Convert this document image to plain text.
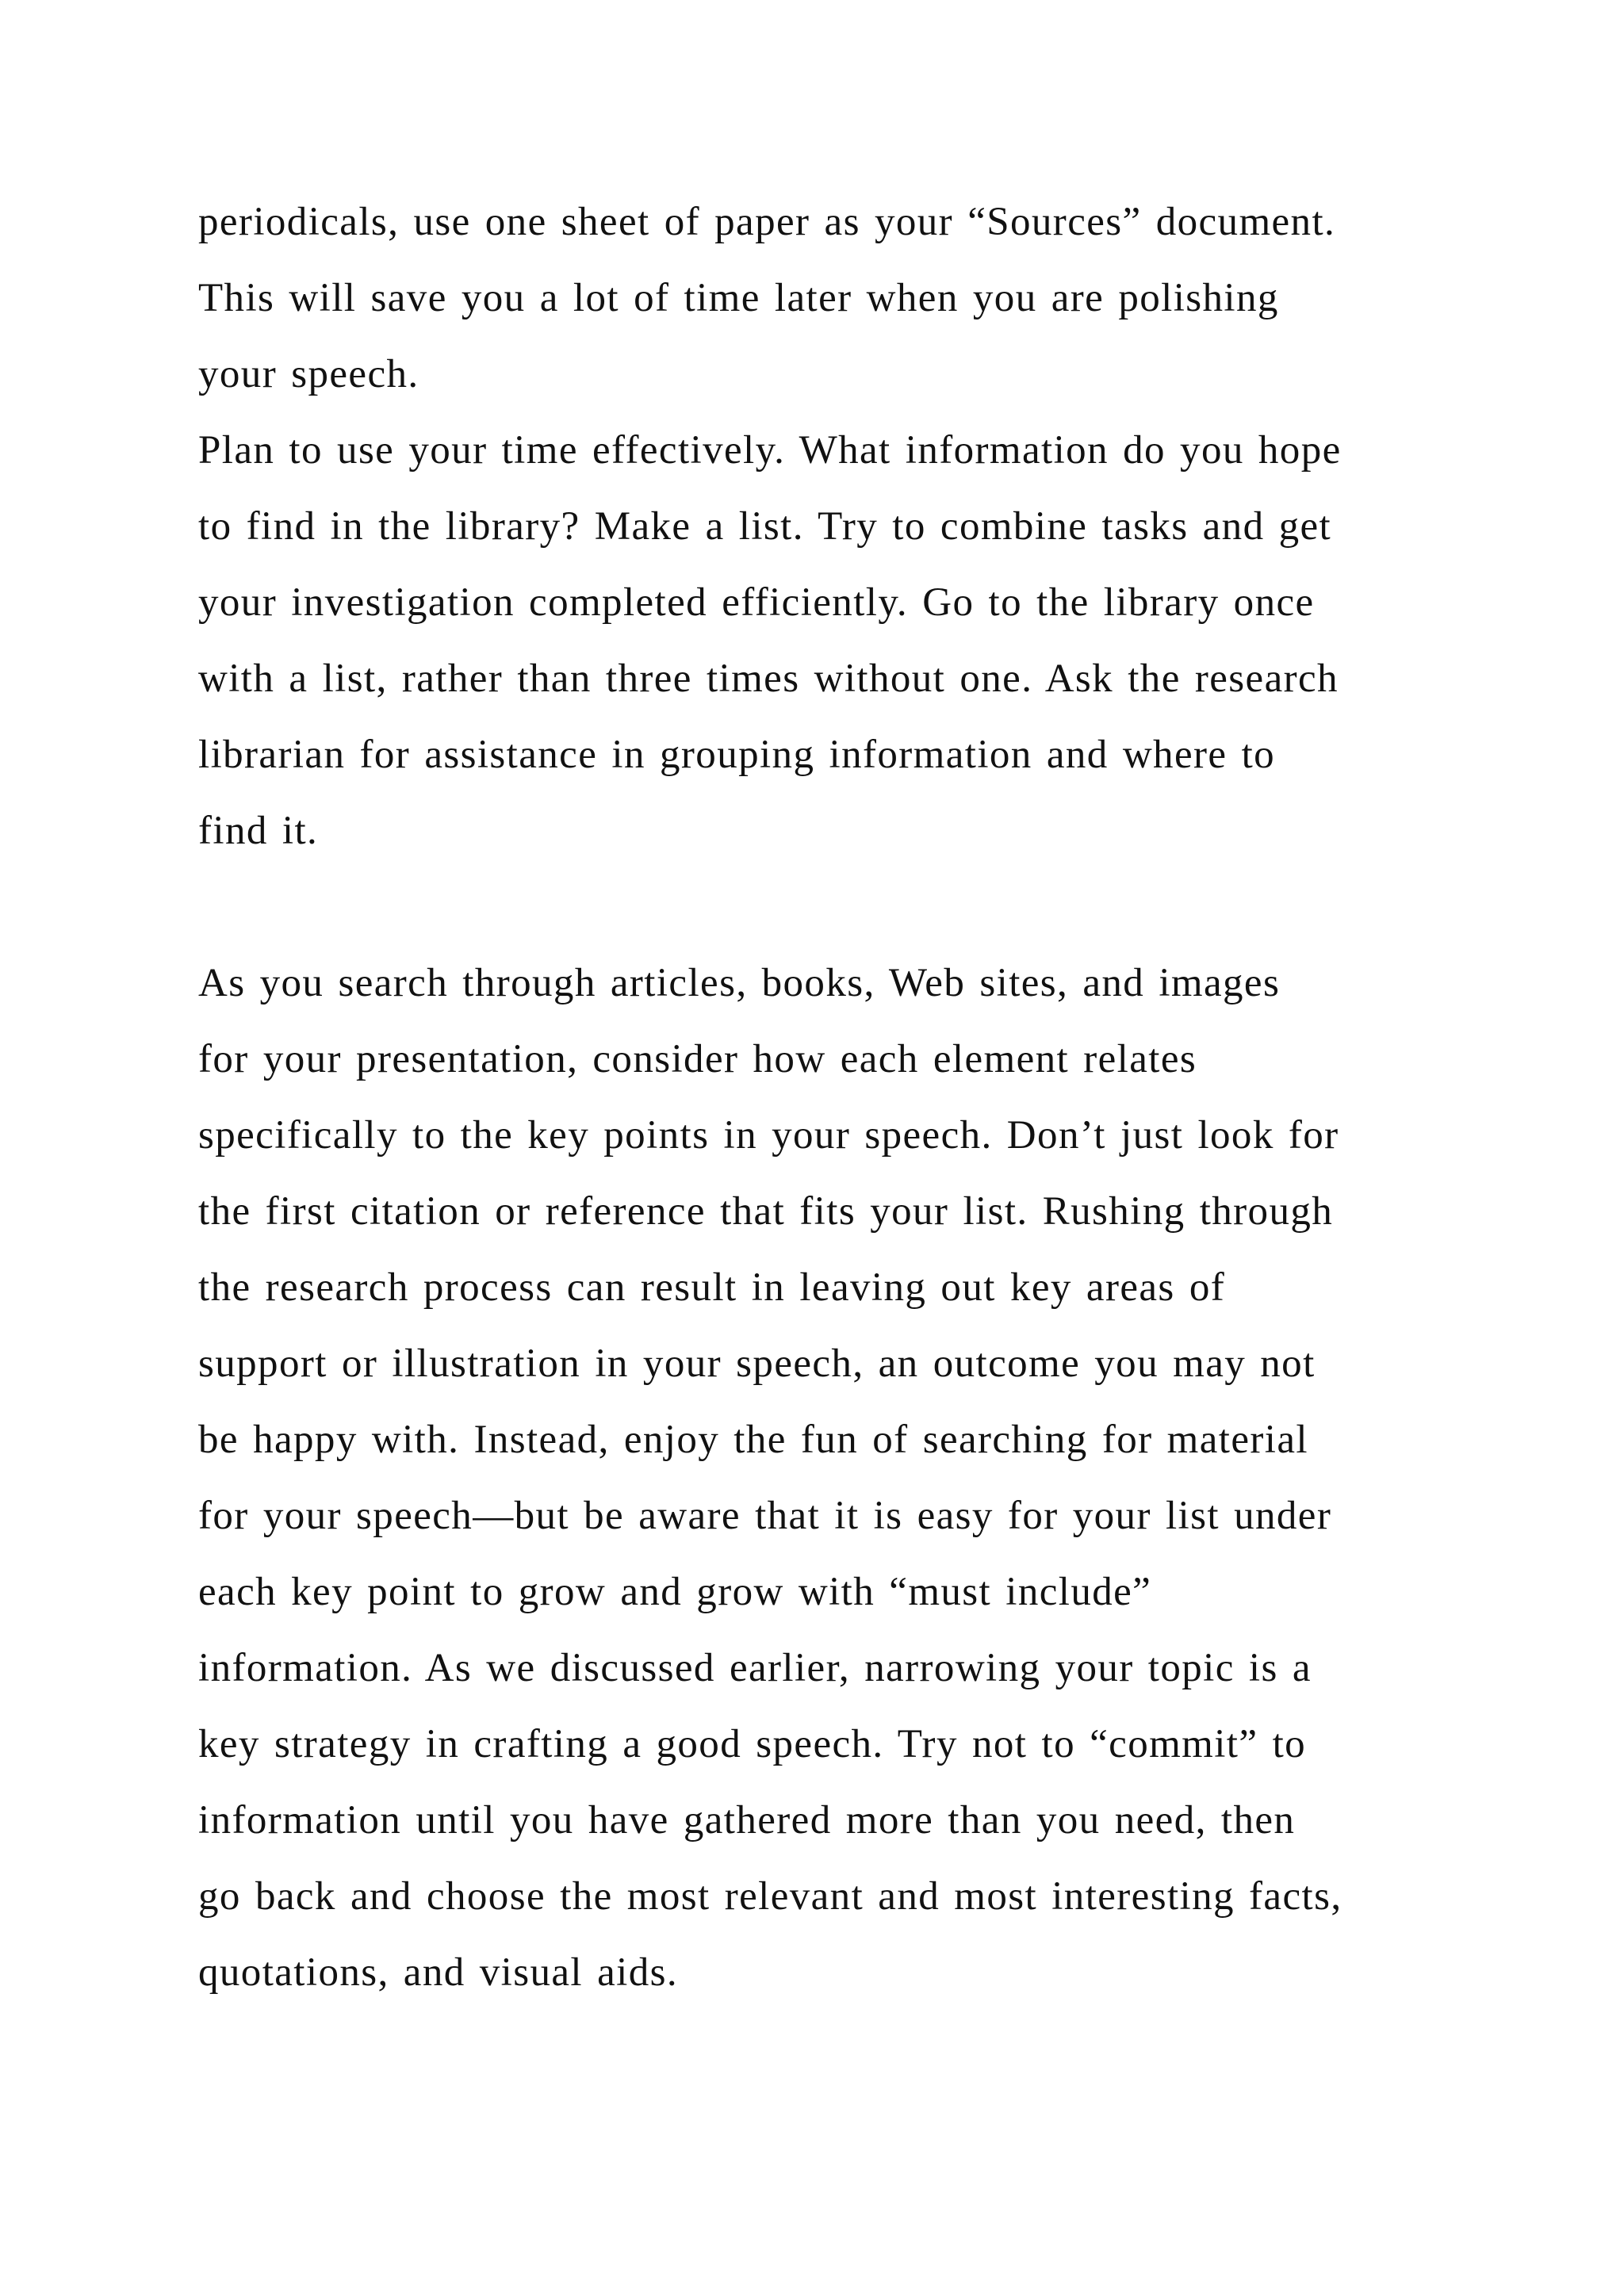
periodicals, use one sheet of paper as your “Sources” document.
This will save you a lot of time later when you are polishing
your speech.
Plan to use your time effectively. What information do you hope
to find in the library? Make a list. Try to combine tasks and get
your investigation completed efficiently. Go to the library once
with a list, rather than three times without one. Ask the research
librarian for assistance in grouping information and where to
find it.
As you search through articles, books, Web sites, and images
for your presentation, consider how each element relates
specifically to the key points in your speech. Don’t just look for
the first citation or reference that fits your list. Rushing through
the research process can result in leaving out key areas of
support or illustration in your speech, an outcome you may not
be happy with. Instead, enjoy the fun of searching for material
for your speech—but be aware that it is easy for your list under
each key point to grow and grow with “must include”
information. As we discussed earlier, narrowing your topic is a
key strategy in crafting a good speech. Try not to “commit” to
information until you have gathered more than you need, then
go back and choose the most relevant and most interesting facts,
quotations, and visual aids.
